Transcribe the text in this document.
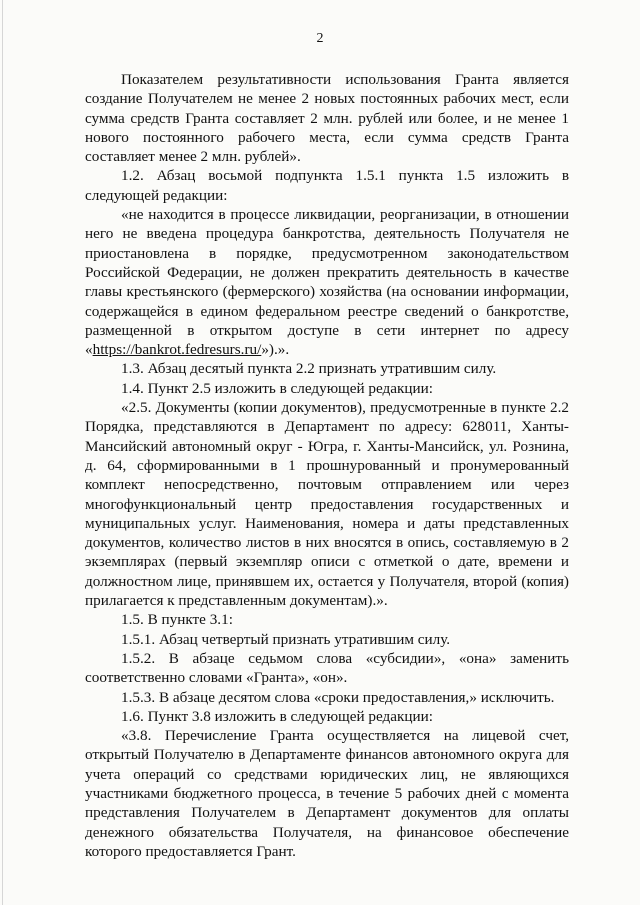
2

Показателем результативности использования Гранта является создание Получателем не менее 2 новых постоянных рабочих мест, если сумма средств Гранта составляет 2 млн. рублей или более, и не менее 1 нового постоянного рабочего места, если сумма средств Гранта составляет менее 2 млн. рублей».

1.2. Абзац восьмой подпункта 1.5.1 пункта 1.5 изложить в следующей редакции:

«не находится в процессе ликвидации, реорганизации, в отношении него не введена процедура банкротства, деятельность Получателя не приостановлена в порядке, предусмотренном законодательством Российской Федерации, не должен прекратить деятельность в качестве главы крестьянского (фермерского) хозяйства (на основании информации, содержащейся в едином федеральном реестре сведений о банкротстве, размещенной в открытом доступе в сети интернет по адресу «https://bankrot.fedresurs.ru/»).».

1.3. Абзац десятый пункта 2.2 признать утратившим силу.

1.4. Пункт 2.5 изложить в следующей редакции:

«2.5. Документы (копии документов), предусмотренные в пункте 2.2 Порядка, представляются в Департамент по адресу: 628011, Ханты-Мансийский автономный округ - Югра, г. Ханты-Мансийск, ул. Рознина, д. 64, сформированными в 1 прошнурованный и пронумерованный комплект непосредственно, почтовым отправлением или через многофункциональный центр предоставления государственных и муниципальных услуг. Наименования, номера и даты представленных документов, количество листов в них вносятся в опись, составляемую в 2 экземплярах (первый экземпляр описи с отметкой о дате, времени и должностном лице, принявшем их, остается у Получателя, второй (копия) прилагается к представленным документам).».

1.5. В пункте 3.1:

1.5.1. Абзац четвертый признать утратившим силу.

1.5.2. В абзаце седьмом слова «субсидии», «она» заменить соответственно словами «Гранта», «он».

1.5.3. В абзаце десятом слова «сроки предоставления,» исключить.

1.6. Пункт 3.8 изложить в следующей редакции:

«3.8. Перечисление Гранта осуществляется на лицевой счет, открытый Получателю в Департаменте финансов автономного округа для учета операций со средствами юридических лиц, не являющихся участниками бюджетного процесса, в течение 5 рабочих дней с момента представления Получателем в Департамент документов для оплаты денежного обязательства Получателя, на финансовое обеспечение которого предоставляется Грант.
